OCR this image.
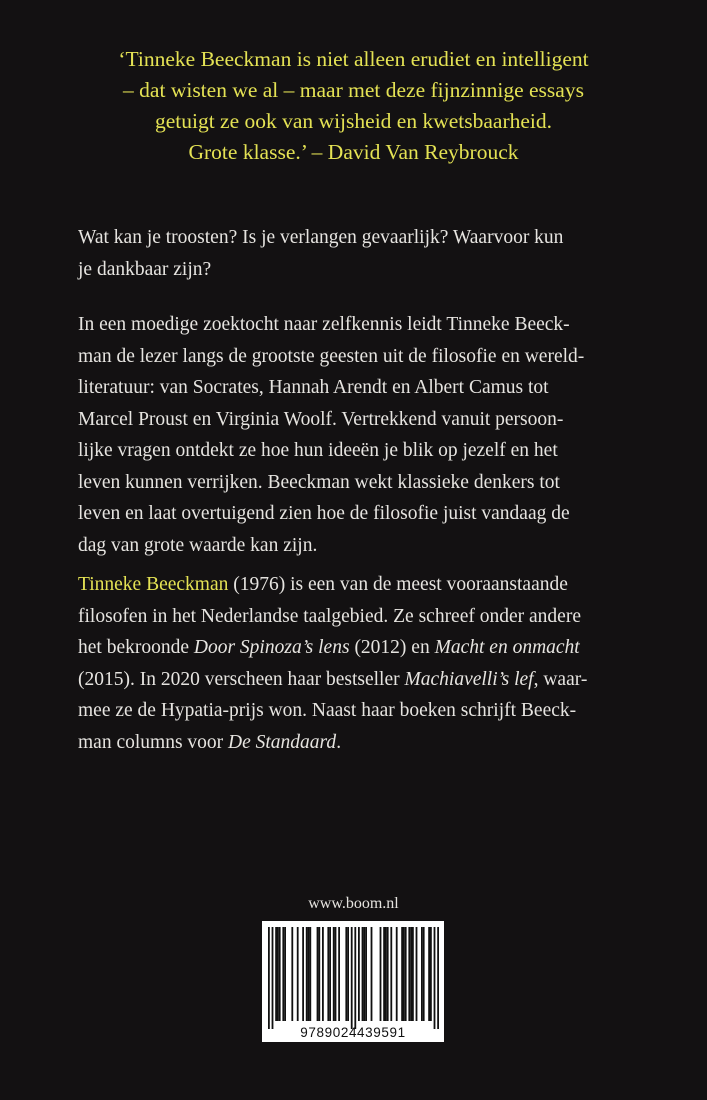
‘Tinneke Beeckman is niet alleen erudiet en intelligent
– dat wisten we al – maar met deze fijnzinnige essays
getuigt ze ook van wijsheid en kwetsbaarheid.
Grote klasse.’ – David Van Reybrouck
Wat kan je troosten? Is je verlangen gevaarlijk? Waarvoor kun
je dankbaar zijn?
In een moedige zoektocht naar zelfkennis leidt Tinneke Beeck-
man de lezer langs de grootste geesten uit de filosofie en wereld-
literatuur: van Socrates, Hannah Arendt en Albert Camus tot
Marcel Proust en Virginia Woolf. Vertrekkend vanuit persoon-
lijke vragen ontdekt ze hoe hun ideeën je blik op jezelf en het
leven kunnen verrijken. Beeckman wekt klassieke denkers tot
leven en laat overtuigend zien hoe de filosofie juist vandaag de
dag van grote waarde kan zijn.
Tinneke Beeckman (1976) is een van de meest vooraanstaande
filosofen in het Nederlandse taalgebied. Ze schreef onder andere
het bekroonde Door Spinoza’s lens (2012) en Macht en onmacht
(2015). In 2020 verscheen haar bestseller Machiavelli’s lef, waar-
mee ze de Hypatia-prijs won. Naast haar boeken schrijft Beeck-
man columns voor De Standaard.
www.boom.nl
9789024439591
